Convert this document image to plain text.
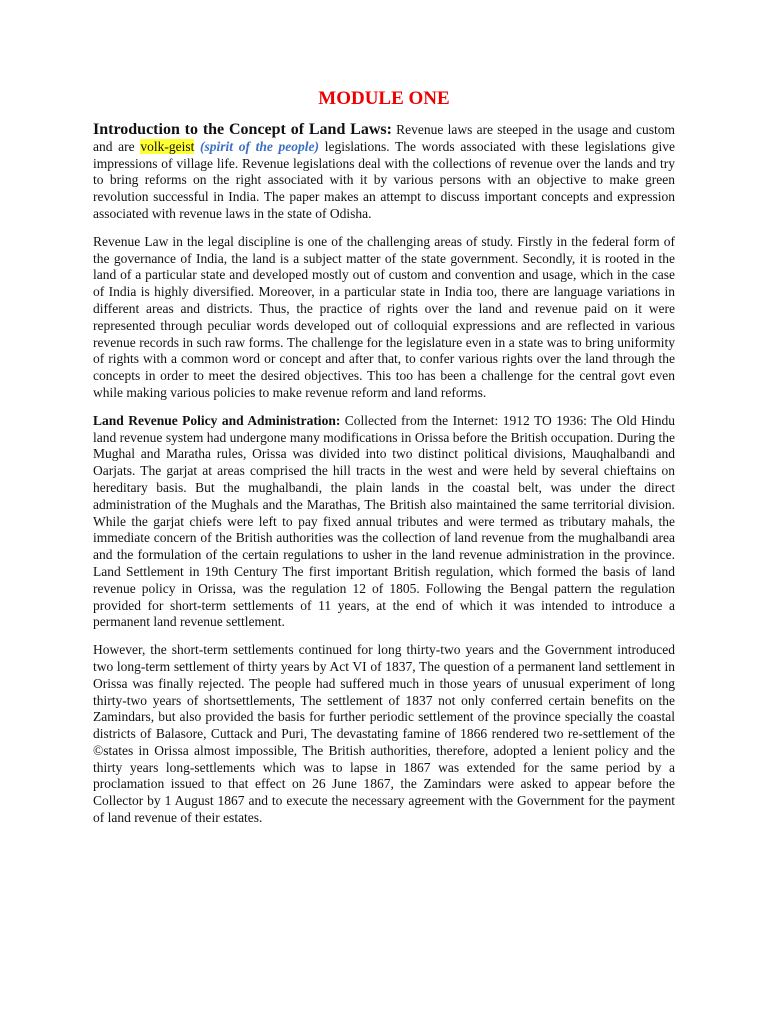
MODULE ONE

Introduction to the Concept of Land Laws: Revenue laws are steeped in the usage and custom and are volk-geist (spirit of the people) legislations. The words associated with these legislations give impressions of village life. Revenue legislations deal with the collections of revenue over the lands and try to bring reforms on the right associated with it by various persons with an objective to make green revolution successful in India. The paper makes an attempt to discuss important concepts and expression associated with revenue laws in the state of Odisha.

Revenue Law in the legal discipline is one of the challenging areas of study. Firstly in the federal form of the governance of India, the land is a subject matter of the state government. Secondly, it is rooted in the land of a particular state and developed mostly out of custom and convention and usage, which in the case of India is highly diversified. Moreover, in a particular state in India too, there are language variations in different areas and districts. Thus, the practice of rights over the land and revenue paid on it were represented through peculiar words developed out of colloquial expressions and are reflected in various revenue records in such raw forms. The challenge for the legislature even in a state was to bring uniformity of rights with a common word or concept and after that, to confer various rights over the land through the concepts in order to meet the desired objectives. This too has been a challenge for the central govt even while making various policies to make revenue reform and land reforms.

Land Revenue Policy and Administration: Collected from the Internet: 1912 TO 1936: The Old Hindu land revenue system had undergone many modifications in Orissa before the British occupation. During the Mughal and Maratha rules, Orissa was divided into two distinct political divisions, Mauqhalbandi and Oarjats. The garjat at areas comprised the hill tracts in the west and were held by several chieftains on hereditary basis. But the mughalbandi, the plain lands in the coastal belt, was under the direct administration of the Mughals and the Marathas, The British also maintained the same territorial division. While the garjat chiefs were left to pay fixed annual tributes and were termed as tributary mahals, the immediate concern of the British authorities was the collection of land revenue from the mughalbandi area and the formulation of the certain regulations to usher in the land revenue administration in the province. Land Settlement in 19th Century The first important British regulation, which formed the basis of land revenue policy in Orissa, was the regulation 12 of 1805. Following the Bengal pattern the regulation provided for short-term settlements of 11 years, at the end of which it was intended to introduce a permanent land revenue settlement.

However, the short-term settlements continued for long thirty-two years and the Government introduced two long-term settlement of thirty years by Act VI of 1837, The question of a permanent land settlement in Orissa was finally rejected. The people had suffered much in those years of unusual experiment of long thirty-two years of shortsettlements, The settlement of 1837 not only conferred certain benefits on the Zamindars, but also provided the basis for further periodic settlement of the province specially the coastal districts of Balasore, Cuttack and Puri, The devastating famine of 1866 rendered two re-settlement of the ©states in Orissa almost impossible, The British authorities, therefore, adopted a lenient policy and the thirty years long-settlements which was to lapse in 1867 was extended for the same period by a proclamation issued to that effect on 26 June 1867, the Zamindars were asked to appear before the Collector by 1 August 1867 and to execute the necessary agreement with the Government for the payment of land revenue of their estates.
